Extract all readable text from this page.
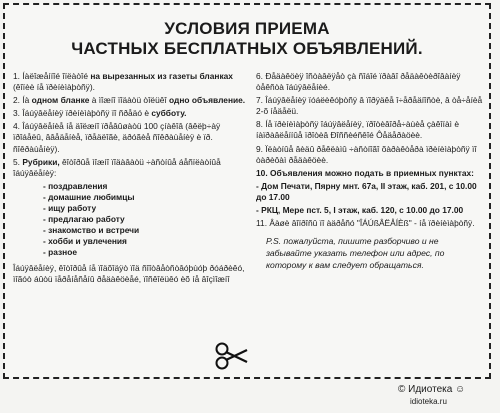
УСЛОВИЯ ПРИЕМА
ЧАСТНЫХ БЕСПЛАТНЫХ ОБЪЯВЛЕНИЙ.

1. Íàëîæåííîé îïëàòîé на вырезанных из газеты бланках (êîïèè íå ïðèíèìàþòñÿ).

2. Íà одном бланке à ìîæíî ïîäàòü òîëüêî одно объявление.

3. Îáúÿâëåíèÿ ïðèíèìàþòñÿ ïî ñðåäó è субботу.

4. Îáúÿâëåíèå íå äîëæíî ïðåâûøàòü 100 çíàêîâ (âêëþ÷àÿ ïðîáåëû, ââåäåíèå, ïðåäëîãè, äðóãèå ñîêðàùåíèÿ è ïð. ñîêðàùåíèÿ).

5. Рубрики, êîòîðûå ìîæíî ïîäàâàòü ÷àñòíûå áåñïëàòíûå îáúÿâëåíèÿ:

- поздравления
- домашние любимцы
- ищу работу
- предлагаю работу
- знакомство и встречи
- хобби и увлечения
- разное

Îáúÿâëåíèÿ, êîòîðûå íå ïîäõîäÿò ïîä ñîîòâåòñòâóþùóþ ðóáðèêó, ìîãóò áûòü ïåðåíåñåíû ðåäàêöèåé, ïîñêîëüêó èõ íå âîçìîæíî

6. Ðåäàêöèÿ îñòàâëÿåò çà ñîáîé ïðàâî ðåäàêòèðîâàíèÿ òåêñòà îáúÿâëåíèé.

7. Îáúÿâëåíèÿ ïóáëèêóþòñÿ â ïîðÿäêå î÷åðåäíîñòè, â òå÷åíèå 2-õ íåäåëü.

8. Íå ïðèíèìàþòñÿ îáúÿâëåíèÿ, ïðîòèâîðå÷àùèå çàêîíàì è íàïðàâëåííûå ïðîòèâ Ðîññèéñêîé Ôåäåðàöèè.

9. Ïëàòíûå âèäû ðåêëàìû ÷àñòíîãî õàðàêòåðà ïðèíèìàþòñÿ ïî òàðèôàì ðåäàêöèè.

10. Объявления можно подать в приемных пунктах:

- Дом Печати, Пярну мнт. 67а, II этаж, каб. 201, с 10.00 до 17.00

- РКЦ, Мере пст. 5, I этаж, каб. 120, с 10.00 до 17.00

11. Âàøè âîïðîñû ïî àäðåñó "ÎÁÚßÂËÅÍÈß" - íå ïðèíèìàþòñÿ.

P.S. пожалуйста, пишите разборчиво и не забывайте указать телефон или адрес, по которому к вам следует обращаться.

© Идиотека ☺
idioteka.ru
